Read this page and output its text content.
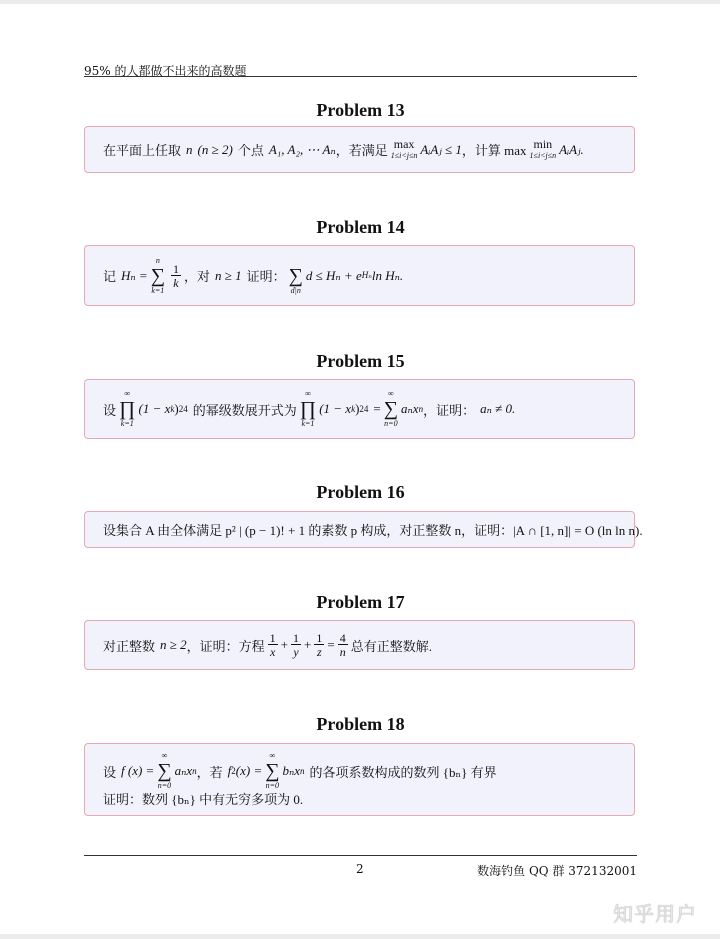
95% 的人都做不出来的高数题
Problem 13
在平面上任取 n (n ≥ 2) 个点 A₁, A₂, ⋯ Aₙ ，若满足 max
1≤i<j≤n AᵢAⱼ ≤ 1 ，计算 max min
1≤i<j≤n AᵢAⱼ.
Problem 14
记 Hₙ =
n
∑
k=1
$\frac{1}{k}$ ，对 n ≥ 1 证明：
∑
d|n
d ≤ Hₙ + e Hₙ ln Hₙ.
Problem 15
设
∞
∏
k=1
(1 − x k ) 24 的幂级数展开式为
∞
∏
k=1
(1 − x k ) 24 =
∞
∑
n=0
aₙx n ，证明： aₙ ≠ 0.
Problem 16
设集合 A 由全体满足 p² | (p − 1)! + 1 的素数 p 构成，对正整数 n，证明：|A ∩ [1, n]| = O (ln ln n).
Problem 17
对正整数 n ≥ 2 ，证明：方程 $\frac{1}{x} + \frac{1}{y} + \frac{1}{z} = \frac{4}{n}$ 总有正整数解.
Problem 18
设 f (x) =
∞
∑
n=0
aₙx n ，若 f 2 (x) =
∞
∑
n=0
bₙx n 的各项系数构成的数列 {bₙ} 有界
证明：数列 {bₙ} 中有无穷多项为 0.
2	数海钓鱼 QQ 群 372132001
知乎用户
